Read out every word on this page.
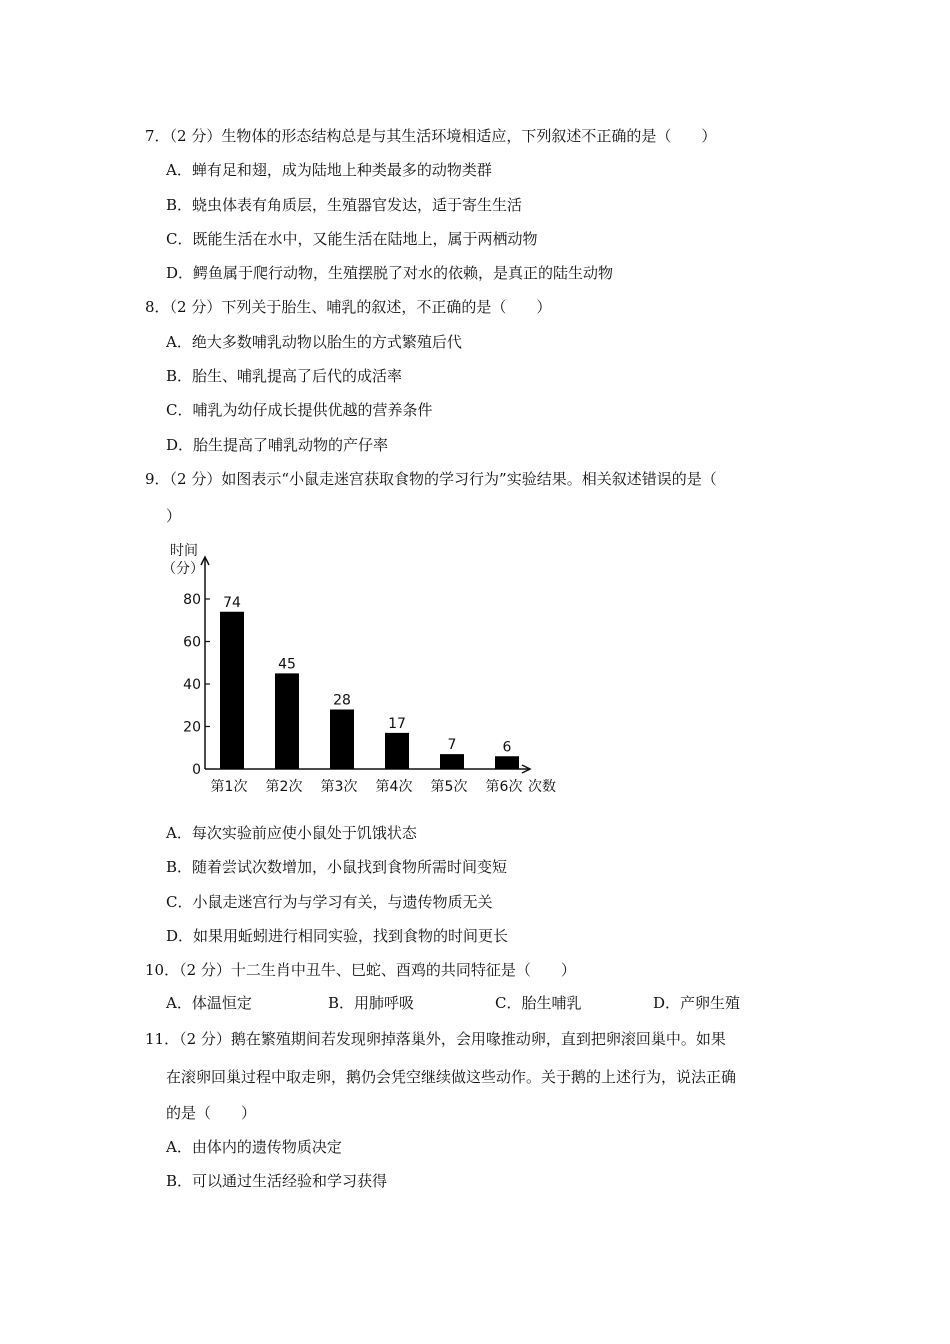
7．（2 分）生物体的形态结构总是与其生活环境相适应，下列叙述不正确的是（　　）
A．蝉有足和翅，成为陆地上种类最多的动物类群
B．蛲虫体表有角质层，生殖器官发达，适于寄生生活
C．既能生活在水中，又能生活在陆地上，属于两栖动物
D．鳄鱼属于爬行动物，生殖摆脱了对水的依赖，是真正的陆生动物
8．（2 分）下列关于胎生、哺乳的叙述，不正确的是（　　）
A．绝大多数哺乳动物以胎生的方式繁殖后代
B．胎生、哺乳提高了后代的成活率
C．哺乳为幼仔成长提供优越的营养条件
D．胎生提高了哺乳动物的产仔率
9．（2 分）如图表示“小鼠走迷宫获取食物的学习行为”实验结果。相关叙述错误的是（
）
0
20
40
60
80
时间
（分）
74
第1次
45
第2次
28
第3次
17
第4次
7
第5次
6
第6次 次数
A．每次实验前应使小鼠处于饥饿状态
B．随着尝试次数增加，小鼠找到食物所需时间变短
C．小鼠走迷宫行为与学习有关，与遗传物质无关
D．如果用蚯蚓进行相同实验，找到食物的时间更长
10．（2 分）十二生肖中丑牛、巳蛇、酉鸡的共同特征是（　　）
A．体温恒定	B．用肺呼吸	C．胎生哺乳	D．产卵生殖
11．（2 分）鹅在繁殖期间若发现卵掉落巢外，会用喙推动卵，直到把卵滚回巢中。如果
在滚卵回巢过程中取走卵，鹅仍会凭空继续做这些动作。关于鹅的上述行为，说法正确
的是（　　）
A．由体内的遗传物质决定
B．可以通过生活经验和学习获得
